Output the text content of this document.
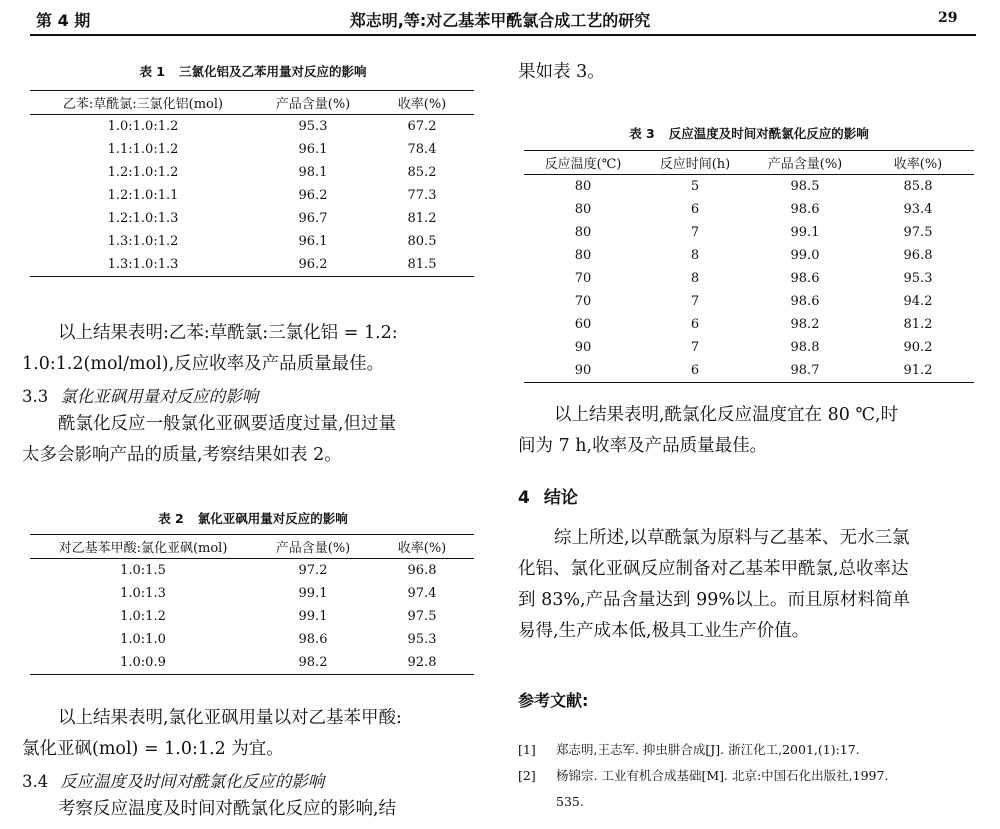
第 4 期	郑志明,等:对乙基苯甲酰氯合成工艺的研究	29
表 1 三氯化铝及乙苯用量对反应的影响
乙苯:草酰氯:三氯化铝(mol)	产品含量(%)	收率(%)
1.0:1.0:1.2	95.3	67.2
1.1:1.0:1.2	96.1	78.4
1.2:1.0:1.2	98.1	85.2
1.2:1.0:1.1	96.2	77.3
1.2:1.0:1.3	96.7	81.2
1.3:1.0:1.2	96.1	80.5
1.3:1.0:1.3	96.2	81.5
以上结果表明:乙苯:草酰氯:三氯化铝 = 1.2:
1.0:1.2(mol/mol),反应收率及产品质量最佳。
3.3 氯化亚砜用量对反应的影响
酰氯化反应一般氯化亚砜要适度过量,但过量
太多会影响产品的质量,考察结果如表 2。
表 2 氯化亚砜用量对反应的影响
对乙基苯甲酸:氯化亚砜(mol)	产品含量(%)	收率(%)
1.0:1.5	97.2	96.8
1.0:1.3	99.1	97.4
1.0:1.2	99.1	97.5
1.0:1.0	98.6	95.3
1.0:0.9	98.2	92.8
以上结果表明,氯化亚砜用量以对乙基苯甲酸:
氯化亚砜(mol) = 1.0:1.2 为宜。
3.4 反应温度及时间对酰氯化反应的影响
考察反应温度及时间对酰氯化反应的影响,结
果如表 3。
表 3 反应温度及时间对酰氯化反应的影响
反应温度(℃)	反应时间(h)	产品含量(%)	收率(%)
80	5	98.5	85.8
80	6	98.6	93.4
80	7	99.1	97.5
80	8	99.0	96.8
70	8	98.6	95.3
70	7	98.6	94.2
60	6	98.2	81.2
90	7	98.8	90.2
90	6	98.7	91.2
以上结果表明,酰氯化反应温度宜在 80 ℃,时
间为 7 h,收率及产品质量最佳。
4 结论
综上所述,以草酰氯为原料与乙基苯、无水三氯
化铝、氯化亚砜反应制备对乙基苯甲酰氯,总收率达
到 83%,产品含量达到 99%以上。而且原材料简单
易得,生产成本低,极具工业生产价值。
参考文献:
[1] 郑志明,王志军. 抑虫肼合成[J]. 浙江化工,2001,(1):17.
[2] 杨锦宗. 工业有机合成基础[M]. 北京:中国石化出版社,1997.
535.
